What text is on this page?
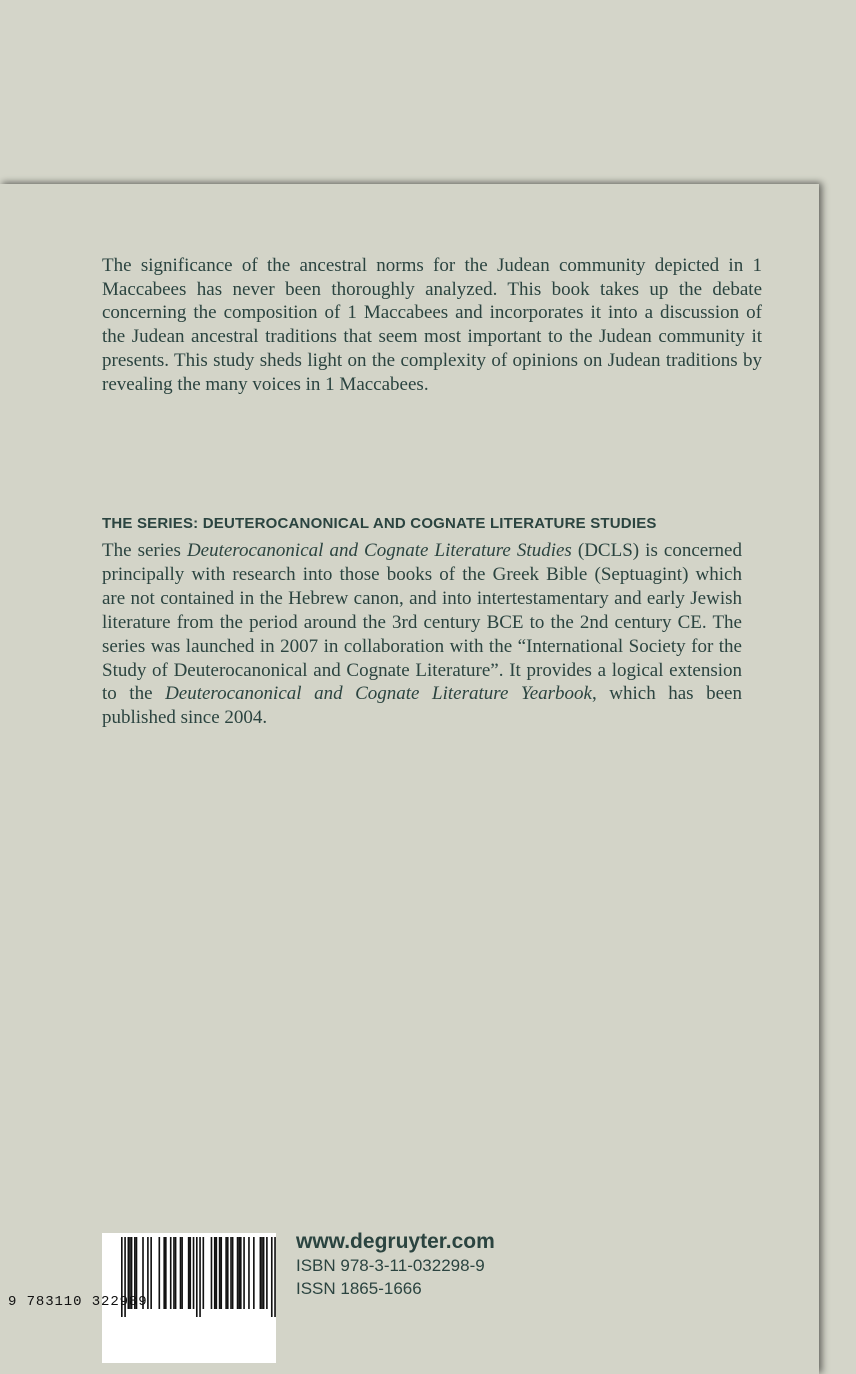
The significance of the ancestral norms for the Judean community depicted in 1 Maccabees has never been thoroughly analyzed. This book takes up the debate concerning the composition of 1 Maccabees and incorporates it into a discussion of the Judean ancestral traditions that seem most important to the Judean community it presents. This study sheds light on the complexity of opinions on Judean traditions by revealing the many voices in 1 Maccabees.

THE SERIES: DEUTEROCANONICAL AND COGNATE LITERATURE STUDIES

The series Deuterocanonical and Cognate Literature Studies (DCLS) is concerned principally with research into those books of the Greek Bible (Septuagint) which are not contained in the Hebrew canon, and into intertestamentary and early Jewish literature from the period around the 3rd century BCE to the 2nd century CE. The series was launched in 2007 in collaboration with the “International Society for the Study of Deuterocanonical and Cognate Literature”. It provides a logical extension to the Deuterocanonical and Cognate Literature Yearbook, which has been published since 2004.

9 783110 322989
www.degruyter.com
ISBN 978-3-11-032298-9
ISSN 1865-1666
